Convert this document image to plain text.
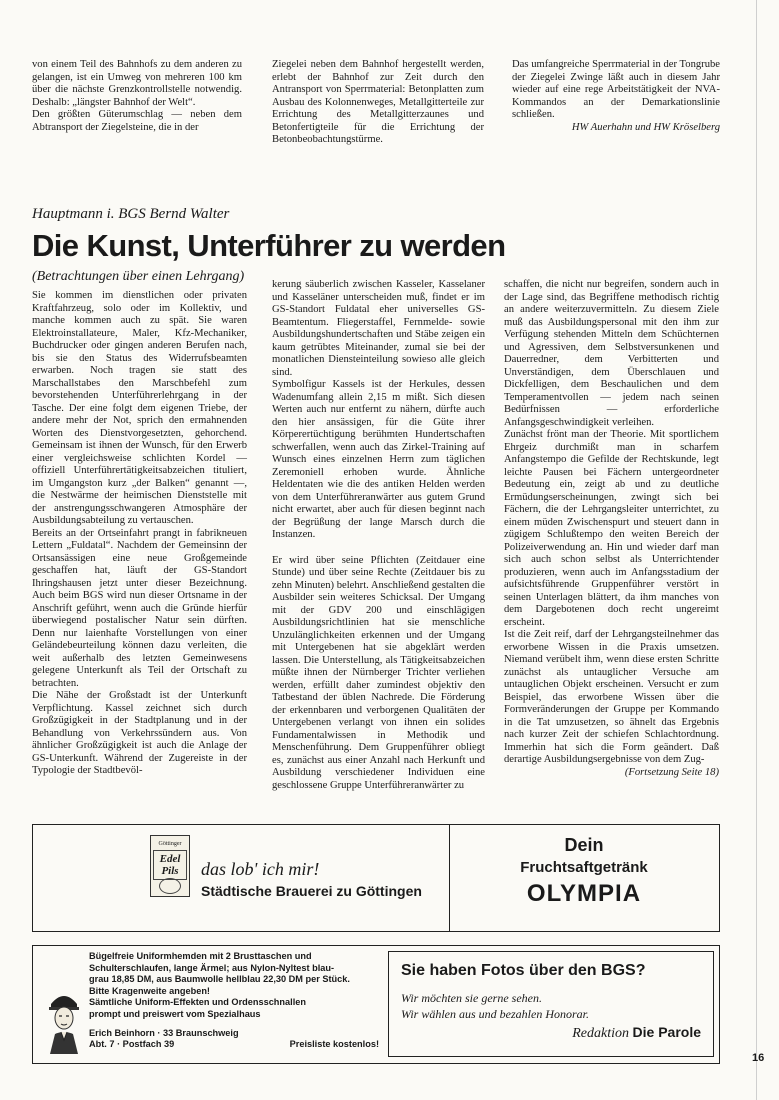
von einem Teil des Bahnhofs zu dem anderen zu gelangen, ist ein Umweg von mehreren 100 km über die nächste Grenzkontrollstelle notwendig. Deshalb: „längster Bahnhof der Welt“.

Den größten Güterumschlag — neben dem Abtransport der Ziegelsteine, die in der

Ziegelei neben dem Bahnhof hergestellt werden, erlebt der Bahnhof zur Zeit durch den Antransport von Sperrmaterial: Betonplatten zum Ausbau des Kolonnenweges, Metallgitterteile zur Errichtung des Metallgitterzaunes und Betonfertigteile für die Errichtung der Betonbeobachtungstürme.

Das umfangreiche Sperrmaterial in der Tongrube der Ziegelei Zwinge läßt auch in diesem Jahr wieder auf eine rege Arbeitstätigkeit der NVA-Kommandos an der Demarkationslinie schließen.

HW Auerhahn und HW Kröselberg

Hauptmann i. BGS Bernd Walter
Die Kunst, Unterführer zu werden

(Betrachtungen über einen Lehrgang)

Sie kommen im dienstlichen oder privaten Kraftfahrzeug, solo oder im Kollektiv, und manche kommen auch zu spät. Sie waren Elektroinstallateure, Maler, Kfz-Mechaniker, Buchdrucker oder gingen anderen Berufen nach, bis sie den Status des Widerrufsbeamten erwarben. Noch tragen sie statt des Marschallstabes den Marschbefehl zum bevorstehenden Unterführerlehrgang in der Tasche. Der eine folgt dem eigenen Triebe, der andere mehr der Not, sprich den ermahnenden Worten des Dienstvorgesetzten, gehorchend. Gemeinsam ist ihnen der Wunsch, für den Erwerb einer vergleichsweise schlichten Kordel — offiziell Unterführertätigkeitsabzeichen tituliert, im Umgangston kurz „der Balken“ genannt —, die Nestwärme der heimischen Dienststelle mit der anstrengungsschwangeren Atmosphäre der Ausbildungsabteilung zu vertauschen.

Bereits an der Ortseinfahrt prangt in fabrikneuen Lettern „Fuldatal“. Nachdem der Gemeinsinn der Ortsansässigen eine neue Großgemeinde geschaffen hat, läuft der GS-Standort Ihringshausen jetzt unter dieser Bezeichnung. Auch beim BGS wird nun dieser Ortsname in der Anschrift geführt, wenn auch die Gründe hierfür überwiegend postalischer Natur sein dürften. Denn nur laienhafte Vorstellungen von einer Geländebeurteilung können dazu verleiten, die weit außerhalb des letzten Gemeinwesens gelegene Unterkunft als Teil der Ortschaft zu betrachten.

Die Nähe der Großstadt ist der Unterkunft Verpflichtung. Kassel zeichnet sich durch Großzügigkeit in der Stadtplanung und in der Behandlung von Verkehrssündern aus. Von ähnlicher Großzügigkeit ist auch die Anlage der GS-Unterkunft. Während der Zugereiste in der Typologie der Stadtbevöl-

kerung säuberlich zwischen Kasseler, Kasselaner und Kasseläner unterscheiden muß, findet er im GS-Standort Fuldatal eher universelles GS-Beamtentum. Fliegerstaffel, Fernmelde- sowie Ausbildungshundertschaften und Stäbe zeigen ein kaum getrübtes Miteinander, zumal sie bei der monatlichen Diensteinteilung sowieso alle gleich sind.

Symbolfigur Kassels ist der Herkules, dessen Wadenumfang allein 2,15 m mißt. Sich diesen Werten auch nur entfernt zu nähern, dürfte auch den hier ansässigen, für die Güte ihrer Körperertüchtigung berühmten Hundertschaften schwerfallen, wenn auch das Zirkel-Training auf Wunsch eines einzelnen Herrn zum täglichen Zeremoniell erhoben wurde. Ähnliche Heldentaten wie die des antiken Helden werden von dem Unterführeranwärter aus gutem Grund nicht erwartet, aber auch für diesen beginnt nach der Begrüßung der lange Marsch durch die Instanzen.

Er wird über seine Pflichten (Zeitdauer eine Stunde) und über seine Rechte (Zeitdauer bis zu zehn Minuten) belehrt. Anschließend gestalten die Ausbilder sein weiteres Schicksal. Der Umgang mit der GDV 200 und einschlägigen Ausbildungsrichtlinien hat sie menschliche Unzulänglichkeiten erkennen und der Umgang mit Untergebenen hat sie abgeklärt werden lassen. Die Unterstellung, als Tätigkeitsabzeichen müßte ihnen der Nürnberger Trichter verliehen werden, erfüllt daher zumindest objektiv den Tatbestand der üblen Nachrede. Die Förderung der erkennbaren und verborgenen Qualitäten der Untergebenen verlangt von ihnen ein solides Fundamentalwissen in Methodik und Menschenführung. Dem Gruppenführer obliegt es, zunächst aus einer Anzahl nach Herkunft und Ausbildung verschiedener Individuen eine geschlossene Gruppe Unterführeranwärter zu

schaffen, die nicht nur begreifen, sondern auch in der Lage sind, das Begriffene methodisch richtig an andere weiterzuvermitteln. Zu diesem Ziele muß das Ausbildungspersonal mit den ihm zur Verfügung stehenden Mitteln dem Schüchternen und Agressiven, dem Selbstversunkenen und Dauerredner, dem Verbitterten und Unverständigen, dem Überschlauen und Dickfelligen, dem Beschaulichen und dem Temperamentvollen — jedem nach seinen Bedürfnissen — erforderliche Anfangsgeschwindigkeit verleihen.

Zunächst frönt man der Theorie. Mit sportlichem Ehrgeiz durchmißt man in scharfem Anfangstempo die Gefilde der Rechtskunde, legt leichte Pausen bei Fächern untergeordneter Bedeutung ein, zeigt ab und zu deutliche Ermüdungserscheinungen, zwingt sich bei Fächern, die der Lehrgangsleiter unterrichtet, zu einem müden Zwischenspurt und steuert dann in zügigem Schlußtempo den weiten Bereich der Polizeiverwendung an. Hin und wieder darf man sich auch schon selbst als Unterrichtender produzieren, wenn auch im Anfangsstadium der aufsichtsführende Gruppenführer verstört in seinen Unterlagen blättert, da ihm manches von dem Dargebotenen doch recht ungereimt erscheint.

Ist die Zeit reif, darf der Lehrgangsteilnehmer das erworbene Wissen in die Praxis umsetzen. Niemand verübelt ihm, wenn diese ersten Schritte zunächst als untauglicher Versuche am untauglichen Objekt erscheinen. Versucht er zum Beispiel, das erworbene Wissen über die Formveränderungen der Gruppe per Kommando in die Tat umzusetzen, so ähnelt das Ergebnis nach kurzer Zeit der schiefen Schlachtordnung. Immerhin hat sich die Form geändert. Daß derartige Ausbildungsergebnisse von dem Zug-

(Fortsetzung Seite 18)

Göttinger
Edel Pils	das lob' ich mir!
Städtische Brauerei zu Göttingen
Dein
Fruchtsaftgetränk
OLYMPIA

Bügelfreie Uniformhemden mit 2 Brusttaschen und

Schulterschlaufen, lange Ärmel; aus Nylon-Nyltest blau-

grau 18,85 DM, aus Baumwolle hellblau 22,30 DM per Stück.

Bitte Kragenweite angeben!

Sämtliche Uniform-Effekten und Ordensschnallen

prompt und preiswert vom Spezialhaus

Erich Beinhorn · 33 Braunschweig

Abt. 7 · Postfach 39	Preisliste kostenlos!
Sie haben Fotos über den BGS?

Wir möchten sie gerne sehen.

Wir wählen aus und bezahlen Honorar.

Redaktion Die Parole
16
